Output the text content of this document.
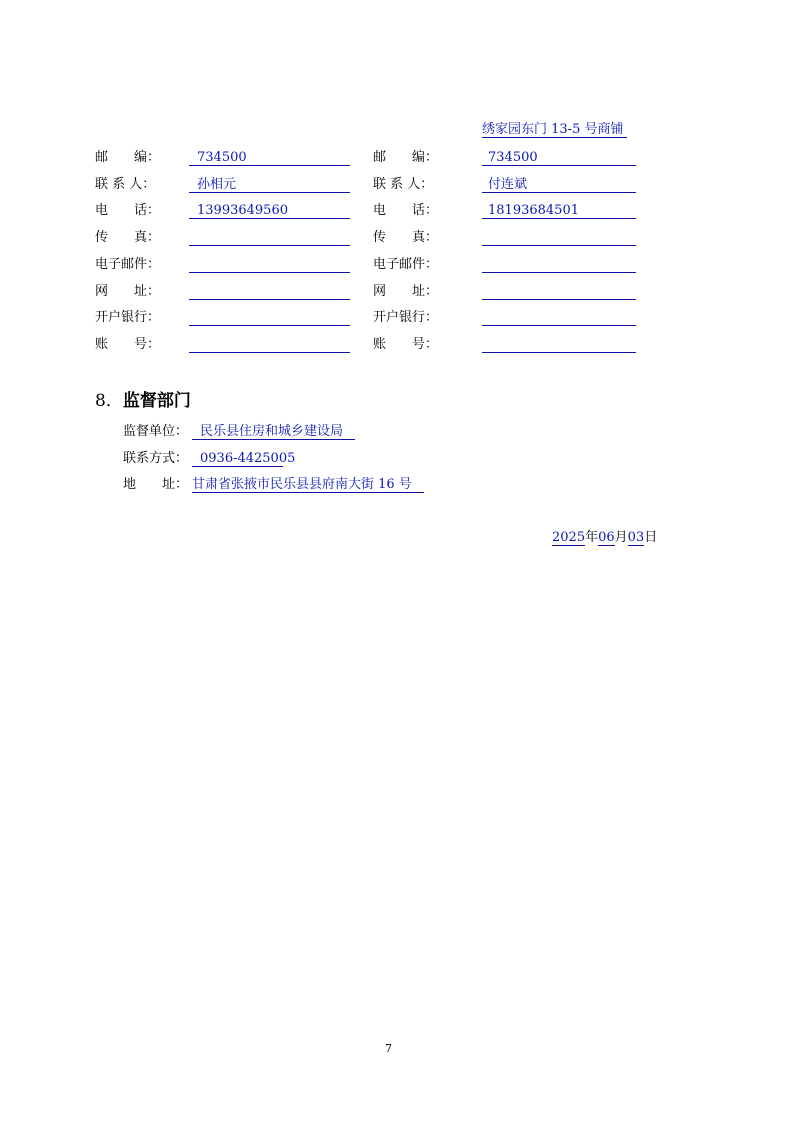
绣家园东门 13-5 号商铺
邮　　编：	734500	邮　　编：	734500
联 系 人：	孙相元	联 系 人：	付连斌
电　　话：	13993649560	电　　话：	18193684501
传　　真：	传　　真：
电子邮件：	电子邮件：
网　　址：	网　　址：
开户银行：	开户银行：
账　　号：	账　　号：
8．监督部门
监督单位： 民乐县住房和城乡建设局
联系方式： 0936-4425005
地　　址： 甘肃省张掖市民乐县县府南大街 16 号
2025年06月03日
7
